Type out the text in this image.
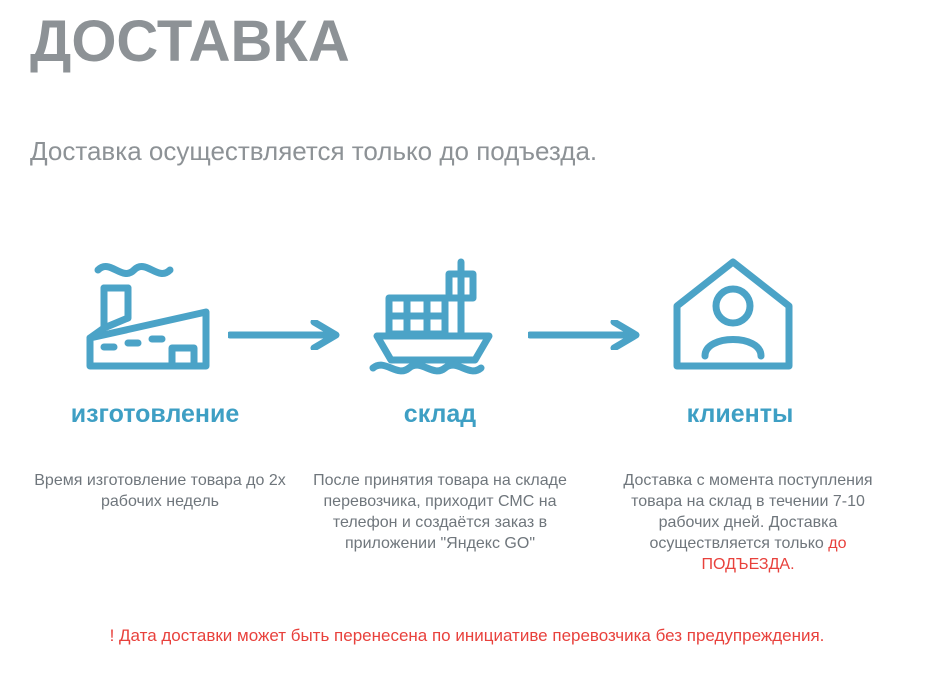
ДОСТАВКА
Доставка осуществляется только до подъезда.
изготовление	склад	клиенты
Время изготовление товара до 2х рабочих недель
После принятия товара на складе перевозчика, приходит СМС на телефон и создаётся заказ в приложении "Яндекс GO"
Доставка с момента поступления товара на склад в течении 7-10 рабочих дней. Доставка осуществляется только до ПОДЪЕЗДА.
! Дата доставки может быть перенесена по инициативе перевозчика без предупреждения.
